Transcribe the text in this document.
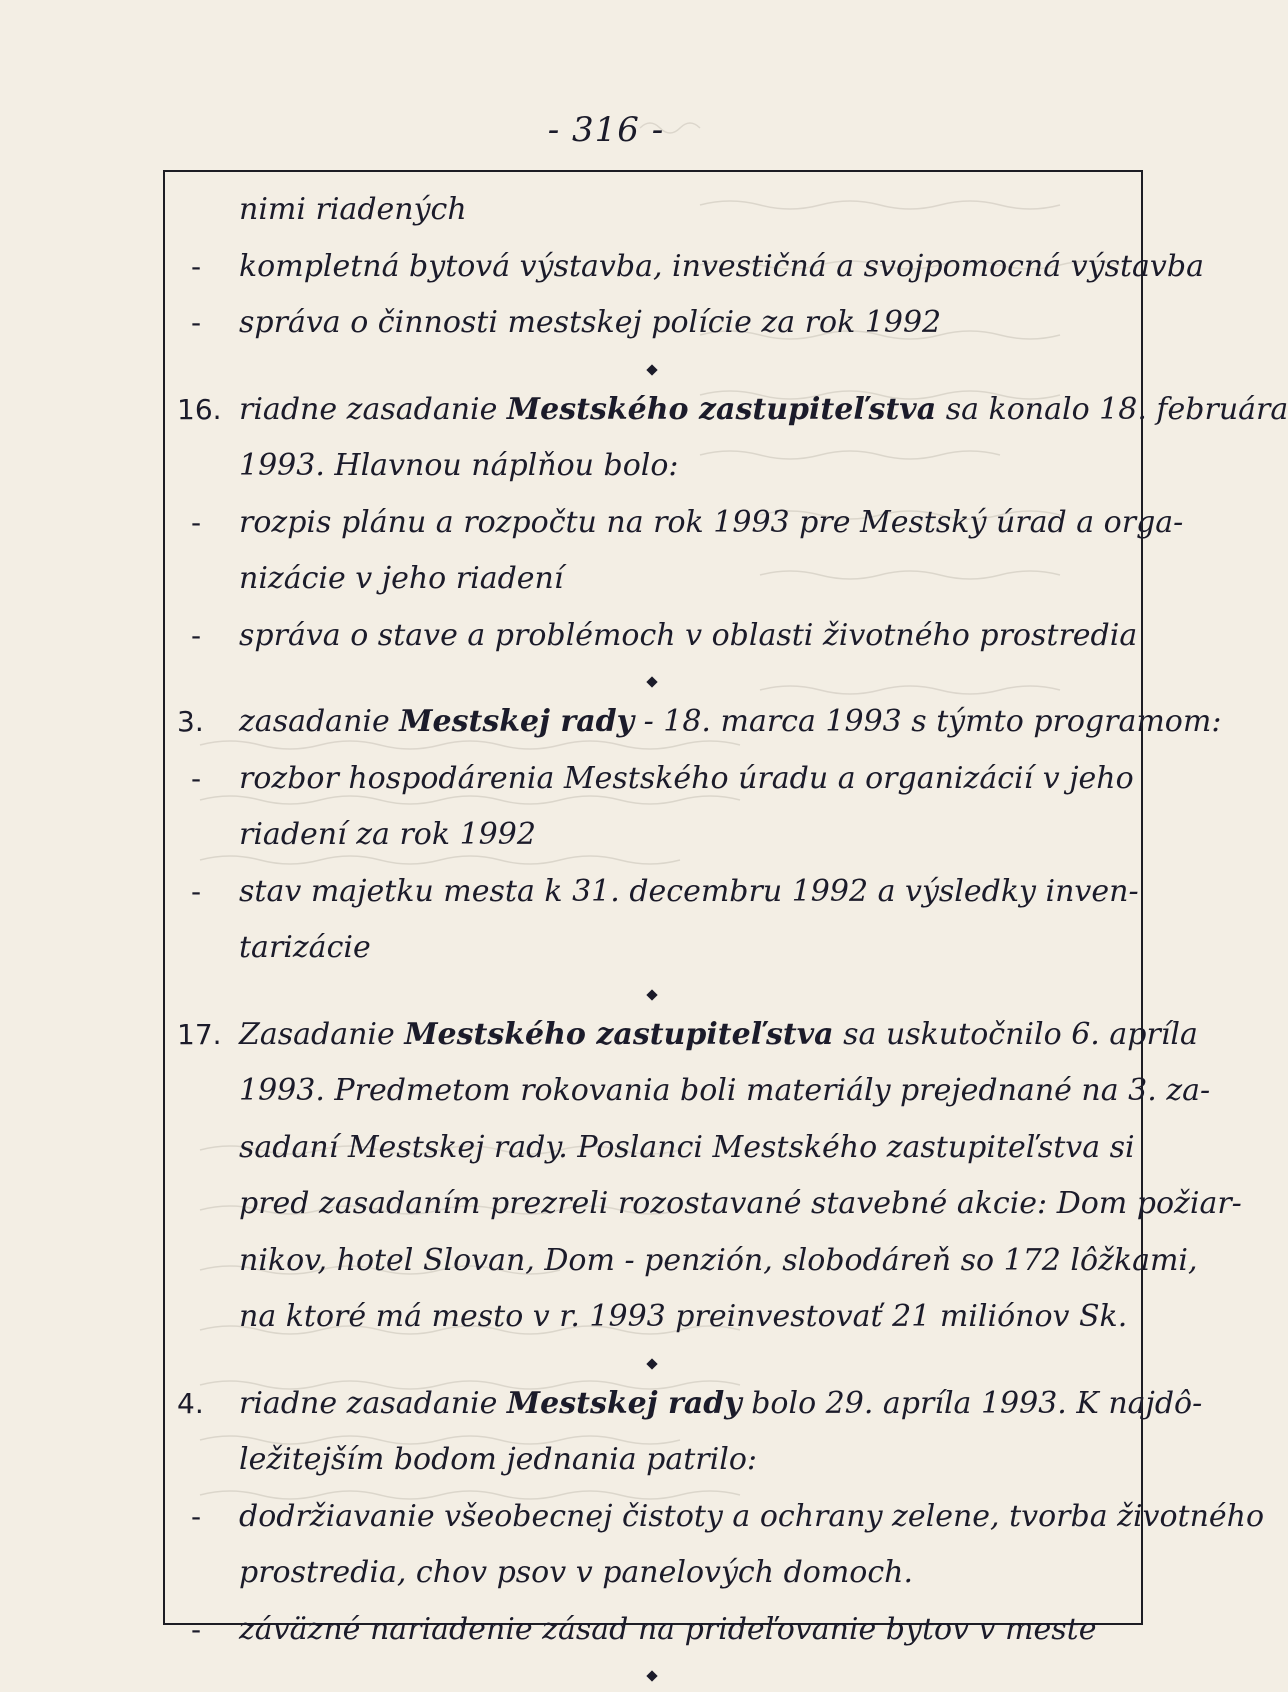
- 316 -
nimi riadených
- kompletná bytová výstavba, investičná a svojpomocná výstavba
- správa o činnosti mestskej polície za rok 1992
16. riadne zasadanie Mestského zastupiteľstva sa konalo 18. februára
1993. Hlavnou náplňou bolo:
- rozpis plánu a rozpočtu na rok 1993 pre Mestský úrad a orga-
nizácie v jeho riadení
- správa o stave a problémoch v oblasti životného prostredia
3. zasadanie Mestskej rady - 18. marca 1993 s týmto programom:
- rozbor hospodárenia Mestského úradu a organizácií v jeho
riadení za rok 1992
- stav majetku mesta k 31. decembru 1992 a výsledky inven-
tarizácie
17. Zasadanie Mestského zastupiteľstva sa uskutočnilo 6. apríla
1993. Predmetom rokovania boli materiály prejednané na 3. za-
sadaní Mestskej rady. Poslanci Mestského zastupiteľstva si
pred zasadaním prezreli rozostavané stavebné akcie: Dom požiar-
nikov, hotel Slovan, Dom - penzión, slobodáreň so 172 lôžkami,
na ktoré má mesto v r. 1993 preinvestovať 21 miliónov Sk.
4. riadne zasadanie Mestskej rady bolo 29. apríla 1993. K najdô-
ležitejším bodom jednania patrilo:
- dodržiavanie všeobecnej čistoty a ochrany zelene, tvorba životného
prostredia, chov psov v panelových domoch.
- záväzné nariadenie zásad na prideľovanie bytov v meste
